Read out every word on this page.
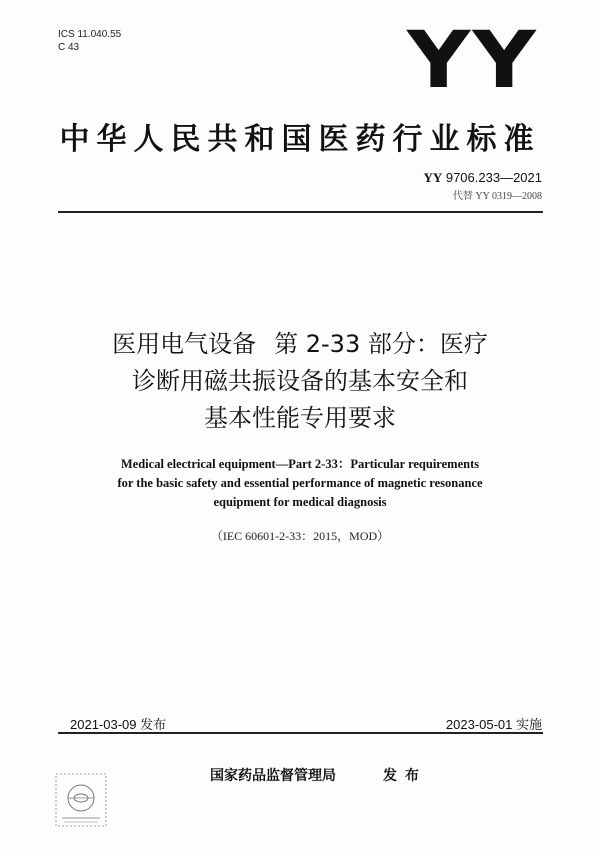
ICS 11.040.55
C 43	YY
中华人民共和国医药行业标准
YY 9706.233—2021
代替 YY 0319—2008
医用电气设备 第 2-33 部分：医疗
诊断用磁共振设备的基本安全和
基本性能专用要求
Medical electrical equipment—Part 2-33：Particular requirements
for the basic safety and essential performance of magnetic resonance
equipment for medical diagnosis
（IEC 60601-2-33：2015，MOD）
2021-03-09 发布	2023-05-01 实施
国家药品监督管理局	发布
